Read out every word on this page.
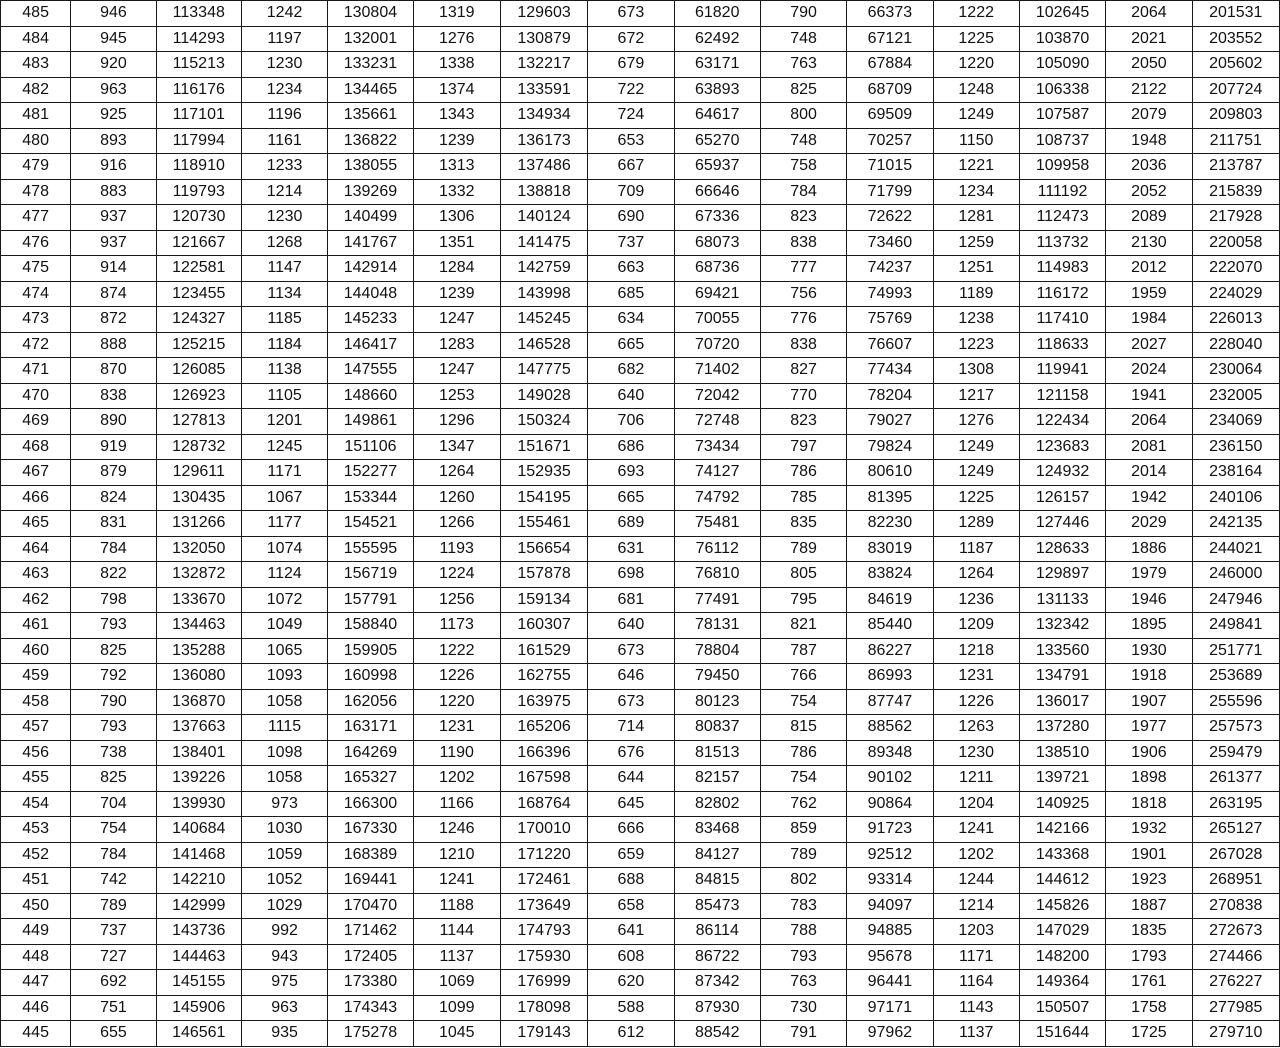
485	946	113348	1242	130804	1319	129603	673	61820	790	66373	1222	102645	2064	201531
484	945	114293	1197	132001	1276	130879	672	62492	748	67121	1225	103870	2021	203552
483	920	115213	1230	133231	1338	132217	679	63171	763	67884	1220	105090	2050	205602
482	963	116176	1234	134465	1374	133591	722	63893	825	68709	1248	106338	2122	207724
481	925	117101	1196	135661	1343	134934	724	64617	800	69509	1249	107587	2079	209803
480	893	117994	1161	136822	1239	136173	653	65270	748	70257	1150	108737	1948	211751
479	916	118910	1233	138055	1313	137486	667	65937	758	71015	1221	109958	2036	213787
478	883	119793	1214	139269	1332	138818	709	66646	784	71799	1234	111192	2052	215839
477	937	120730	1230	140499	1306	140124	690	67336	823	72622	1281	112473	2089	217928
476	937	121667	1268	141767	1351	141475	737	68073	838	73460	1259	113732	2130	220058
475	914	122581	1147	142914	1284	142759	663	68736	777	74237	1251	114983	2012	222070
474	874	123455	1134	144048	1239	143998	685	69421	756	74993	1189	116172	1959	224029
473	872	124327	1185	145233	1247	145245	634	70055	776	75769	1238	117410	1984	226013
472	888	125215	1184	146417	1283	146528	665	70720	838	76607	1223	118633	2027	228040
471	870	126085	1138	147555	1247	147775	682	71402	827	77434	1308	119941	2024	230064
470	838	126923	1105	148660	1253	149028	640	72042	770	78204	1217	121158	1941	232005
469	890	127813	1201	149861	1296	150324	706	72748	823	79027	1276	122434	2064	234069
468	919	128732	1245	151106	1347	151671	686	73434	797	79824	1249	123683	2081	236150
467	879	129611	1171	152277	1264	152935	693	74127	786	80610	1249	124932	2014	238164
466	824	130435	1067	153344	1260	154195	665	74792	785	81395	1225	126157	1942	240106
465	831	131266	1177	154521	1266	155461	689	75481	835	82230	1289	127446	2029	242135
464	784	132050	1074	155595	1193	156654	631	76112	789	83019	1187	128633	1886	244021
463	822	132872	1124	156719	1224	157878	698	76810	805	83824	1264	129897	1979	246000
462	798	133670	1072	157791	1256	159134	681	77491	795	84619	1236	131133	1946	247946
461	793	134463	1049	158840	1173	160307	640	78131	821	85440	1209	132342	1895	249841
460	825	135288	1065	159905	1222	161529	673	78804	787	86227	1218	133560	1930	251771
459	792	136080	1093	160998	1226	162755	646	79450	766	86993	1231	134791	1918	253689
458	790	136870	1058	162056	1220	163975	673	80123	754	87747	1226	136017	1907	255596
457	793	137663	1115	163171	1231	165206	714	80837	815	88562	1263	137280	1977	257573
456	738	138401	1098	164269	1190	166396	676	81513	786	89348	1230	138510	1906	259479
455	825	139226	1058	165327	1202	167598	644	82157	754	90102	1211	139721	1898	261377
454	704	139930	973	166300	1166	168764	645	82802	762	90864	1204	140925	1818	263195
453	754	140684	1030	167330	1246	170010	666	83468	859	91723	1241	142166	1932	265127
452	784	141468	1059	168389	1210	171220	659	84127	789	92512	1202	143368	1901	267028
451	742	142210	1052	169441	1241	172461	688	84815	802	93314	1244	144612	1923	268951
450	789	142999	1029	170470	1188	173649	658	85473	783	94097	1214	145826	1887	270838
449	737	143736	992	171462	1144	174793	641	86114	788	94885	1203	147029	1835	272673
448	727	144463	943	172405	1137	175930	608	86722	793	95678	1171	148200	1793	274466
447	692	145155	975	173380	1069	176999	620	87342	763	96441	1164	149364	1761	276227
446	751	145906	963	174343	1099	178098	588	87930	730	97171	1143	150507	1758	277985
445	655	146561	935	175278	1045	179143	612	88542	791	97962	1137	151644	1725	279710
